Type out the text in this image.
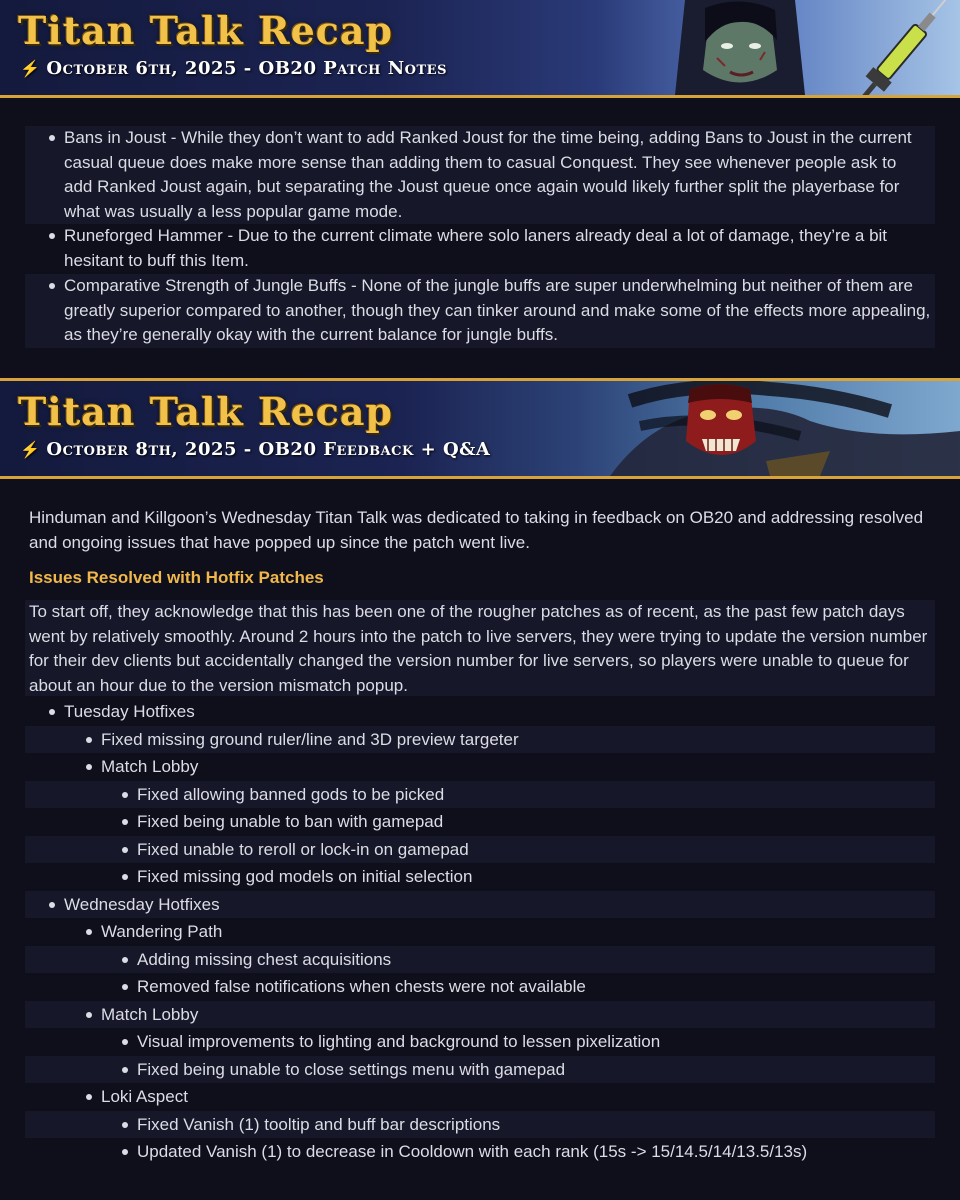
Titan Talk Recap
⚡ October 6th, 2025 - OB20 Patch Notes
Bans in Joust - While they don’t want to add Ranked Joust for the time being, adding Bans to Joust in the current casual queue does make more sense than adding them to casual Conquest. They see whenever people ask to add Ranked Joust again, but separating the Joust queue once again would likely further split the playerbase for what was usually a less popular game mode.
Runeforged Hammer - Due to the current climate where solo laners already deal a lot of damage, they’re a bit hesitant to buff this Item.
Comparative Strength of Jungle Buffs - None of the jungle buffs are super underwhelming but neither of them are greatly superior compared to another, though they can tinker around and make some of the effects more appealing, as they’re generally okay with the current balance for jungle buffs.
Titan Talk Recap
⚡ October 8th, 2025 - OB20 Feedback + Q&A
Hinduman and Killgoon’s Wednesday Titan Talk was dedicated to taking in feedback on OB20 and addressing resolved and ongoing issues that have popped up since the patch went live.
Issues Resolved with Hotfix Patches
To start off, they acknowledge that this has been one of the rougher patches as of recent, as the past few patch days went by relatively smoothly. Around 2 hours into the patch to live servers, they were trying to update the version number for their dev clients but accidentally changed the version number for live servers, so players were unable to queue for about an hour due to the version mismatch popup.
Tuesday Hotfixes
Fixed missing ground ruler/line and 3D preview targeter
Match Lobby
Fixed allowing banned gods to be picked
Fixed being unable to ban with gamepad
Fixed unable to reroll or lock-in on gamepad
Fixed missing god models on initial selection
Wednesday Hotfixes
Wandering Path
Adding missing chest acquisitions
Removed false notifications when chests were not available
Match Lobby
Visual improvements to lighting and background to lessen pixelization
Fixed being unable to close settings menu with gamepad
Loki Aspect
Fixed Vanish (1) tooltip and buff bar descriptions
Updated Vanish (1) to decrease in Cooldown with each rank (15s -> 15/14.5/14/13.5/13s)
